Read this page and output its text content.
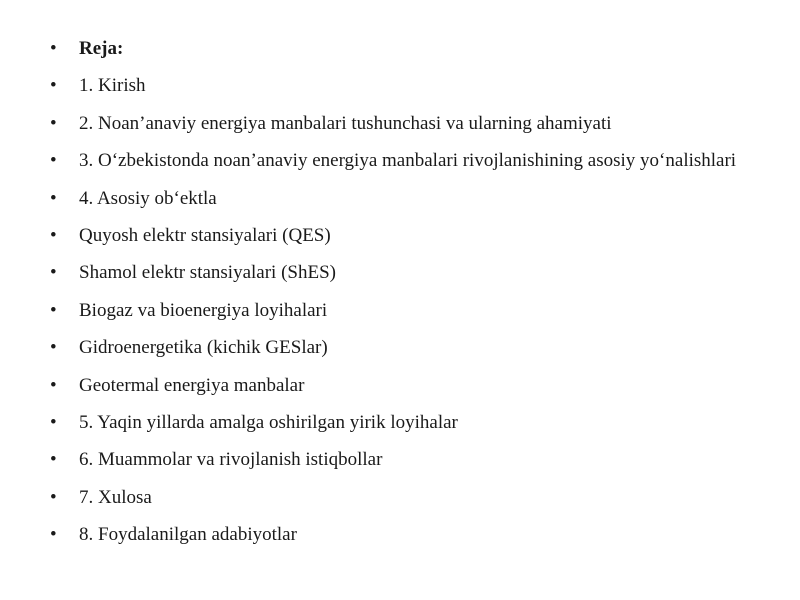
• Reja:
• 1. Kirish
• 2. Noan’anaviy energiya manbalari tushunchasi va ularning ahamiyati
• 3. O‘zbekistonda noan’anaviy energiya manbalari rivojlanishining asosiy yo‘nalishlari
• 4. Asosiy ob‘ektla
• Quyosh elektr stansiyalari (QES)
• Shamol elektr stansiyalari (ShES)
• Biogaz va bioenergiya loyihalari
• Gidroenergetika (kichik GESlar)
• Geotermal energiya manbalar
• 5. Yaqin yillarda amalga oshirilgan yirik loyihalar
• 6. Muammolar va rivojlanish istiqbollar
• 7. Xulosa
• 8. Foydalanilgan adabiyotlar
